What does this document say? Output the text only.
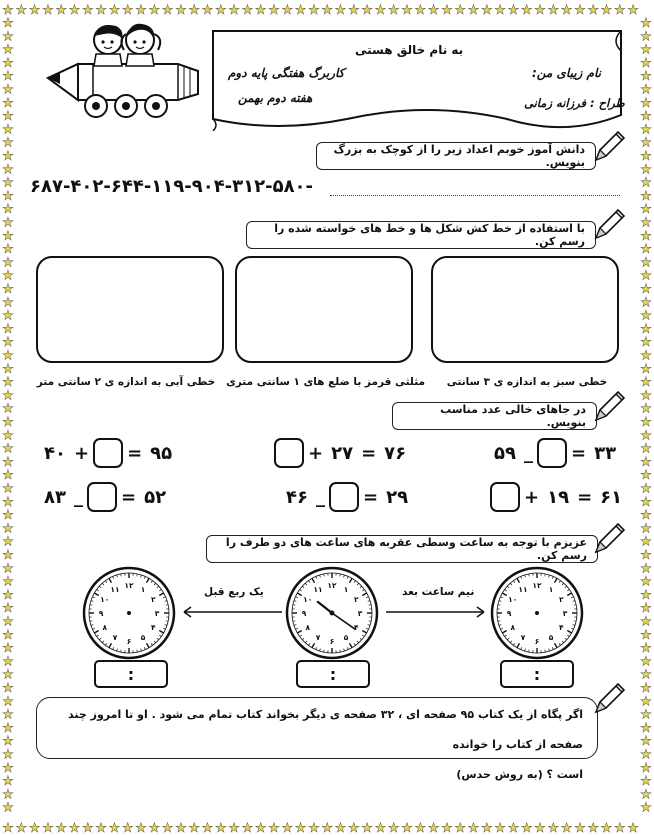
★
★
★
★
★
★
★
★
★
★
★
★
★
★
★
★
★
★
★
★
★
★
★
★
★
★
★
★
★
★
★
★
★
★
★
★
★
★
★
★
★
★
★
★
★
★
★
★
★
★
★
★
★
★
★
★
★
★
★
★
★
★
★
★
★
★
★
★
★
★
★
★
★
★
★
★
★
★
★
★
★
★
★
★
★
★
★
★
★
★
★
★
★
★
★
★
★	★
★	★
★	★
★	★
★	★
★	★
★	★
★	★
★	★
★	★
★	★
★	★
★	★
★	★
★	★
★	★
★	★
★	★
★	★
★	★
★	★
★	★
★	★
★	★
★	★
★	★
★	★
★	★
★	★
★	★
★	★
★	★
★	★
★	★
★	★
★	★
★	★
★	★
★	★
★	★
★	★
★	★
★	★
★	★
★	★
★	★
★	★
★	★
★	★
★	★
★	★
★	★
★	★
★	★
★	★
★	★
★	★
★	★
★	★
★	★
به نام خالق هستی
کاربرگ هفتگی پایه دوم
هفته دوم بهمن
نام زیبای من:
طراح : فرزانه زمانی
دانش آموز خوبم اعداد زیر را از کوچک به بزرگ بنویس.
۶۸۷-۴۰۲-۶۴۴-۱۱۹-۹۰۴-۳۱۲-۵۸۰-
با استفاده از خط کش شکل ها و خط های خواسته شده را رسم کن.
خطی سبز به اندازه ی ۳ سانتی
مثلثی قرمز با ضلع های ۱ سانتی متری
خطی آبی به اندازه ی ۲ سانتی متر
در جاهای خالی عدد مناسب بنویس.
۵۹ _ = ۳۳
+ ۲۷ = ۷۶
۴۰ + = ۹۵
+ ۱۹ = ۶۱
۴۶ _ = ۲۹
۸۳ _ = ۵۲
عزیزم با توجه به ساعت وسطی عقربه های ساعت های دو طرف را رسم کن.
۱۲ ۱
۲
۳
۴
۵
۶
۷
۸
۹
۱۰
۱۱
۱۲ ۱
۲
۳
۴
۵
۶
۷
۸
۹
۱۰
۱۱
۱۲ ۱
۲
۳
۴
۵
۶
۷
۸
۹
۱۰
۱۱	نیم ساعت بعد
یک ربع قبل
:
:
:
اگر پگاه از یک کتاب ۹۵ صفحه ای ، ۳۲ صفحه ی دیگر بخواند کتاب تمام می شود . او تا امروز چند صفحه از کتاب را خوانده
است ؟ (به روش حدس)
